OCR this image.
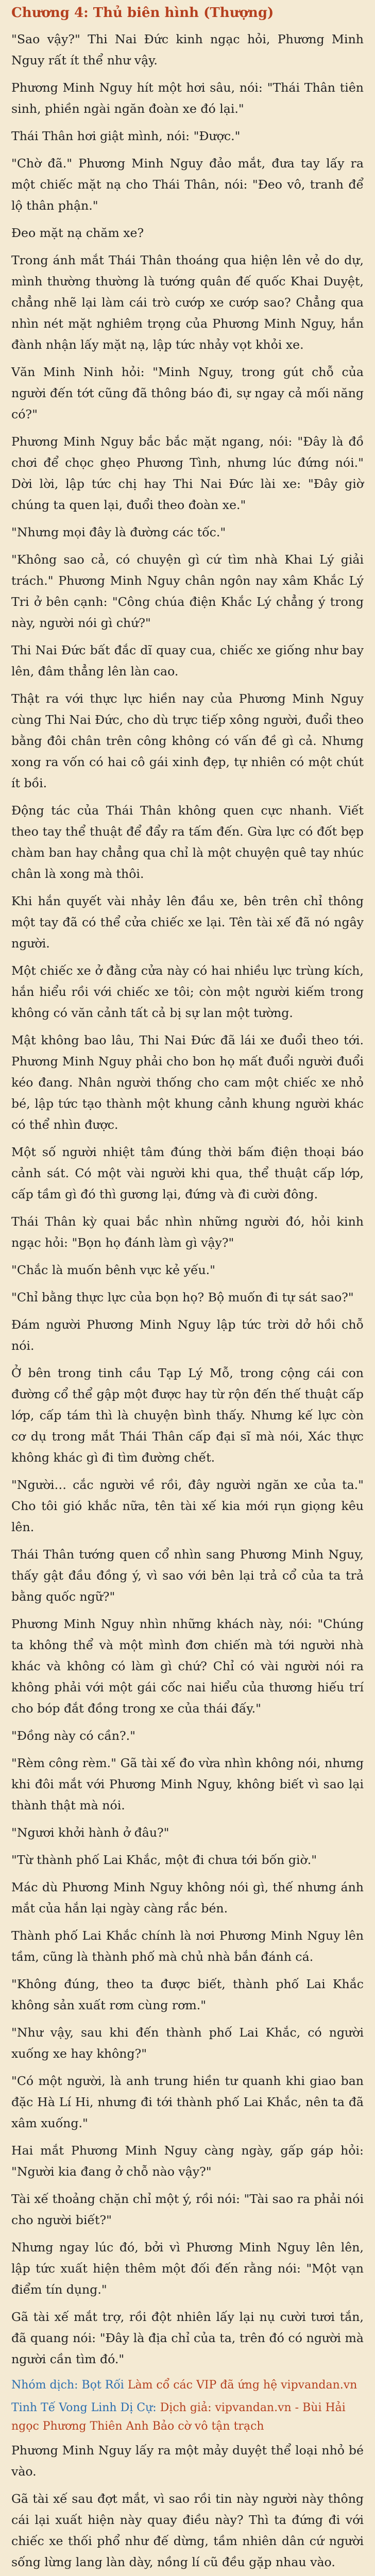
Chương 4: Thủ biên hình (Thượng)

"Sao vậy?" Thi Nai Đức kinh ngạc hỏi, Phương Minh Nguy rất ít thể như vậy.

Phương Minh Nguy hít một hơi sâu, nói: "Thái Thân tiên sinh, phiền ngài ngăn đoàn xe đó lại."

Thái Thân hơi giật mình, nói: "Được."

"Chờ đã." Phương Minh Nguy đảo mắt, đưa tay lấy ra một chiếc mặt nạ cho Thái Thân, nói: "Đeo vô, tranh để lộ thân phận."

Đeo mặt nạ chăm xe?

Trong ánh mắt Thái Thân thoáng qua hiện lên vẻ do dự, mình thường thường là tướng quân đế quốc Khai Duyệt, chẳng nhẽ lại làm cái trò cướp xe cướp sao? Chẳng qua nhìn nét mặt nghiêm trọng của Phương Minh Nguy, hắn đành nhận lấy mặt nạ, lập tức nhảy vọt khỏi xe.

Văn Minh Ninh hỏi: "Minh Nguy, trong gút chỗ của người đến tớt cũng đã thông báo đi, sự ngay cả mối năng có?"

Phương Minh Nguy bắc bắc mặt ngang, nói: "Đây là đồ chơi để chọc ghẹo Phương Tình, nhưng lúc đứng nói." Dời lời, lập tức chị hay Thi Nai Đức lài xe: "Đây giờ chúng ta quen lại, đuổi theo đoàn xe."

"Nhưng mọi đây là đường các tốc."

"Không sao cả, có chuyện gì cứ tìm nhà Khai Lý giải trách." Phương Minh Nguy chân ngôn nay xâm Khắc Lý Tri ở bên cạnh: "Công chúa điện Khắc Lý chẳng ý trong này, người nói gì chứ?"

Thi Nai Đức bất đắc dĩ quay cua, chiếc xe giống như bay lên, đâm thẳng lên làn cao.

Thật ra với thực lực hiền nay của Phương Minh Nguy cùng Thi Nai Đức, cho dù trực tiếp xông người, đuổi theo bằng đôi chân trên công không có vấn đề gì cả. Nhưng xong ra vốn có hai cô gái xinh đẹp, tự nhiên có một chút ít bồi.

Động tác của Thái Thân không quen cực nhanh. Viết theo tay thể thuật để đẩy ra tấm đến. Gừa lực có đốt bẹp chàm ban hay chẳng qua chỉ là một chuyện quê tay nhúc chân là xong mà thôi.

Khi hắn quyết vài nhảy lên đầu xe, bên trên chỉ thông một tay đã có thể cửa chiếc xe lại. Tên tài xế đã nó ngây người.

Một chiếc xe ở đằng cửa này có hai nhiều lực trùng kích, hắn hiểu rồi với chiếc xe tôi; còn một người kiếm trong không có văn cảnh tất cả bị sự lan một tường.

Mật không bao lâu, Thi Nai Đức đã lái xe đuổi theo tới. Phương Minh Nguy phải cho bon họ mất đuổi người đuổi kéo đang. Nhân người thống cho cam một chiếc xe nhỏ bé, lập tức tạo thành một khung cảnh khung người khác có thể nhìn được.

Một số người nhiệt tâm đúng thời bấm điện thoại báo cảnh sát. Có một vài người khi qua, thể thuật cấp lớp, cấp tầm gì đó thì gương lại, đứng và đi cười đông.

Thái Thân kỳ quai bắc nhìn những người đó, hỏi kinh ngạc hỏi: "Bọn họ đánh làm gì vậy?"

"Chắc là muốn bênh vực kẻ yếu."

"Chỉ bằng thực lực của bọn họ? Bộ muốn đi tự sát sao?"

Đám người Phương Minh Nguy lập tức trời dở hồi chỗ nói.

Ở bên trong tinh cầu Tạp Lý Mỗ, trong cộng cái con đường cổ thể gập một được hay từ rộn đến thế thuật cấp lớp, cấp tám thì là chuyện bình thấy. Nhưng kế lực còn cơ dụ trong mắt Thái Thân cấp đại sĩ mà nói, Xác thực không khác gì đi tìm đường chết.

"Người… cắc người về rồi, đây người ngăn xe của ta." Cho tôi gió khắc nữa, tên tài xế kia mới rụn giọng kêu lên.

Thái Thân tướng quen cổ nhìn sang Phương Minh Nguy, thấy gật đầu đồng ý, vì sao với bên lại trả cổ của ta trả bằng quốc ngữ?"

Phương Minh Nguy nhìn những khách này, nói: "Chúng ta không thể và một mình đơn chiến mà tới người nhà khác và không có làm gì chứ? Chỉ có vài người nói ra không phải với một gái cốc nai hiểu của thương hiếu trí cho bóp đắt đồng trong xe của thái đấy."

"Đồng này có cần?."

"Rèm công rèm." Gã tài xế đo vừa nhìn không nói, nhưng khi đôi mắt với Phương Minh Nguy, không biết vì sao lại thành thật mà nói.

"Ngươi khởi hành ở đâu?"

"Từ thành phố Lai Khắc, một đi chưa tới bốn giờ."

Mác dù Phương Minh Nguy không nói gì, thế nhưng ánh mắt của hắn lại ngày càng rắc bén.

Thành phố Lai Khắc chính là nơi Phương Minh Nguy lên tầm, cũng là thành phố mà chủ nhà bắn đánh cá.

"Không đúng, theo ta được biết, thành phố Lai Khắc không sản xuất rơm cùng rơm."

"Như vậy, sau khi đến thành phố Lai Khắc, có người xuống xe hay không?"

"Có một người, là anh trung hiền tư quanh khi giao ban đặc Hà Lí Hi, nhưng đi tới thành phố Lai Khắc, nên ta đã xâm xuống."

Hai mắt Phương Minh Nguy càng ngày, gấp gáp hỏi: "Người kia đang ở chỗ nào vậy?"

Tài xế thoảng chặn chỉ một ý, rồi nói: "Tài sao ra phải nói cho người biết?"

Nhưng ngay lúc đó, bởi vì Phương Minh Nguy lên lên, lập tức xuất hiện thêm một đối đến rằng nói: "Một vạn điểm tín dụng."

Gã tài xế mắt trợ, rồi đột nhiên lấy lại nụ cười tươi tắn, đã quang nói: "Đây là địa chỉ của ta, trên đó có người mà người cần tìm đó."

Nhóm dịch: Bọt Rối Làm cổ các VIP đã ứng hệ vipvandan.vn
Tinh Tế Vong Linh Dị Cự: Dịch giả: vipvandan.vn - Bùi Hải ngọc Phương Thiên Anh Bảo cờ vô tận trạch

Phương Minh Nguy lấy ra một mảy duyệt thể loại nhỏ bé vào.

Gã tài xế sau đợt mắt, vì sao rồi tin này người này thông cái lại xuất hiện này quay điều này? Thì ta đứng đi với chiếc xe thối phổ như đế dừng, tầm nhiên dân cứ người sống lừng lang làn dày, nồng lí cũ đều gặp nhau vào.
